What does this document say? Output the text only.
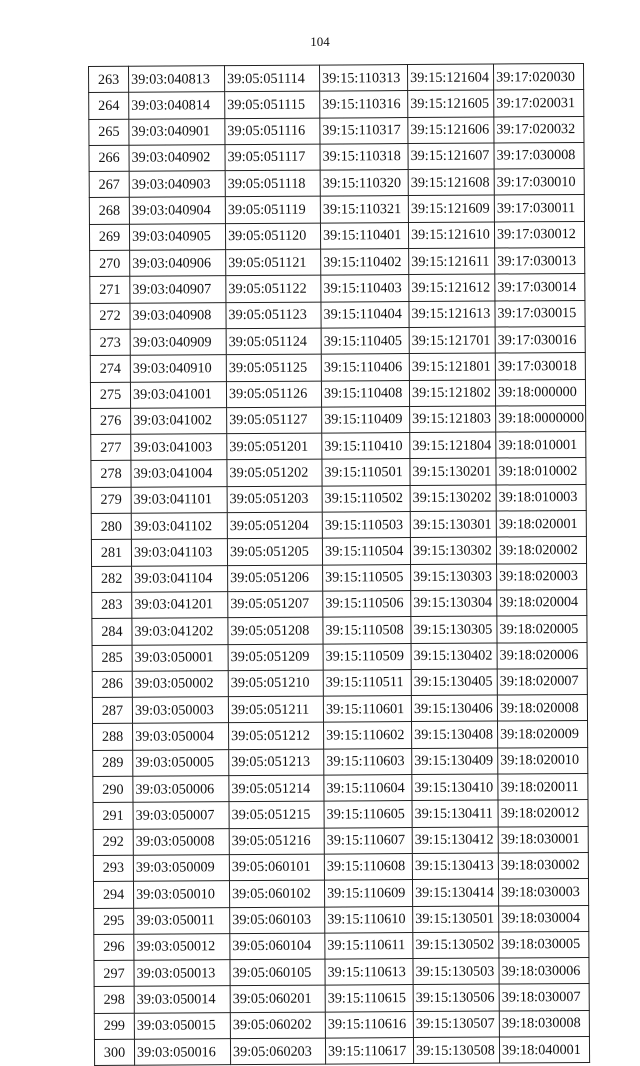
104
263	39:03:040813	39:05:051114	39:15:110313	39:15:121604	39:17:020030
264	39:03:040814	39:05:051115	39:15:110316	39:15:121605	39:17:020031
265	39:03:040901	39:05:051116	39:15:110317	39:15:121606	39:17:020032
266	39:03:040902	39:05:051117	39:15:110318	39:15:121607	39:17:030008
267	39:03:040903	39:05:051118	39:15:110320	39:15:121608	39:17:030010
268	39:03:040904	39:05:051119	39:15:110321	39:15:121609	39:17:030011
269	39:03:040905	39:05:051120	39:15:110401	39:15:121610	39:17:030012
270	39:03:040906	39:05:051121	39:15:110402	39:15:121611	39:17:030013
271	39:03:040907	39:05:051122	39:15:110403	39:15:121612	39:17:030014
272	39:03:040908	39:05:051123	39:15:110404	39:15:121613	39:17:030015
273	39:03:040909	39:05:051124	39:15:110405	39:15:121701	39:17:030016
274	39:03:040910	39:05:051125	39:15:110406	39:15:121801	39:17:030018
275	39:03:041001	39:05:051126	39:15:110408	39:15:121802	39:18:000000
276	39:03:041002	39:05:051127	39:15:110409	39:15:121803	39:18:0000000
277	39:03:041003	39:05:051201	39:15:110410	39:15:121804	39:18:010001
278	39:03:041004	39:05:051202	39:15:110501	39:15:130201	39:18:010002
279	39:03:041101	39:05:051203	39:15:110502	39:15:130202	39:18:010003
280	39:03:041102	39:05:051204	39:15:110503	39:15:130301	39:18:020001
281	39:03:041103	39:05:051205	39:15:110504	39:15:130302	39:18:020002
282	39:03:041104	39:05:051206	39:15:110505	39:15:130303	39:18:020003
283	39:03:041201	39:05:051207	39:15:110506	39:15:130304	39:18:020004
284	39:03:041202	39:05:051208	39:15:110508	39:15:130305	39:18:020005
285	39:03:050001	39:05:051209	39:15:110509	39:15:130402	39:18:020006
286	39:03:050002	39:05:051210	39:15:110511	39:15:130405	39:18:020007
287	39:03:050003	39:05:051211	39:15:110601	39:15:130406	39:18:020008
288	39:03:050004	39:05:051212	39:15:110602	39:15:130408	39:18:020009
289	39:03:050005	39:05:051213	39:15:110603	39:15:130409	39:18:020010
290	39:03:050006	39:05:051214	39:15:110604	39:15:130410	39:18:020011
291	39:03:050007	39:05:051215	39:15:110605	39:15:130411	39:18:020012
292	39:03:050008	39:05:051216	39:15:110607	39:15:130412	39:18:030001
293	39:03:050009	39:05:060101	39:15:110608	39:15:130413	39:18:030002
294	39:03:050010	39:05:060102	39:15:110609	39:15:130414	39:18:030003
295	39:03:050011	39:05:060103	39:15:110610	39:15:130501	39:18:030004
296	39:03:050012	39:05:060104	39:15:110611	39:15:130502	39:18:030005
297	39:03:050013	39:05:060105	39:15:110613	39:15:130503	39:18:030006
298	39:03:050014	39:05:060201	39:15:110615	39:15:130506	39:18:030007
299	39:03:050015	39:05:060202	39:15:110616	39:15:130507	39:18:030008
300	39:03:050016	39:05:060203	39:15:110617	39:15:130508	39:18:040001
